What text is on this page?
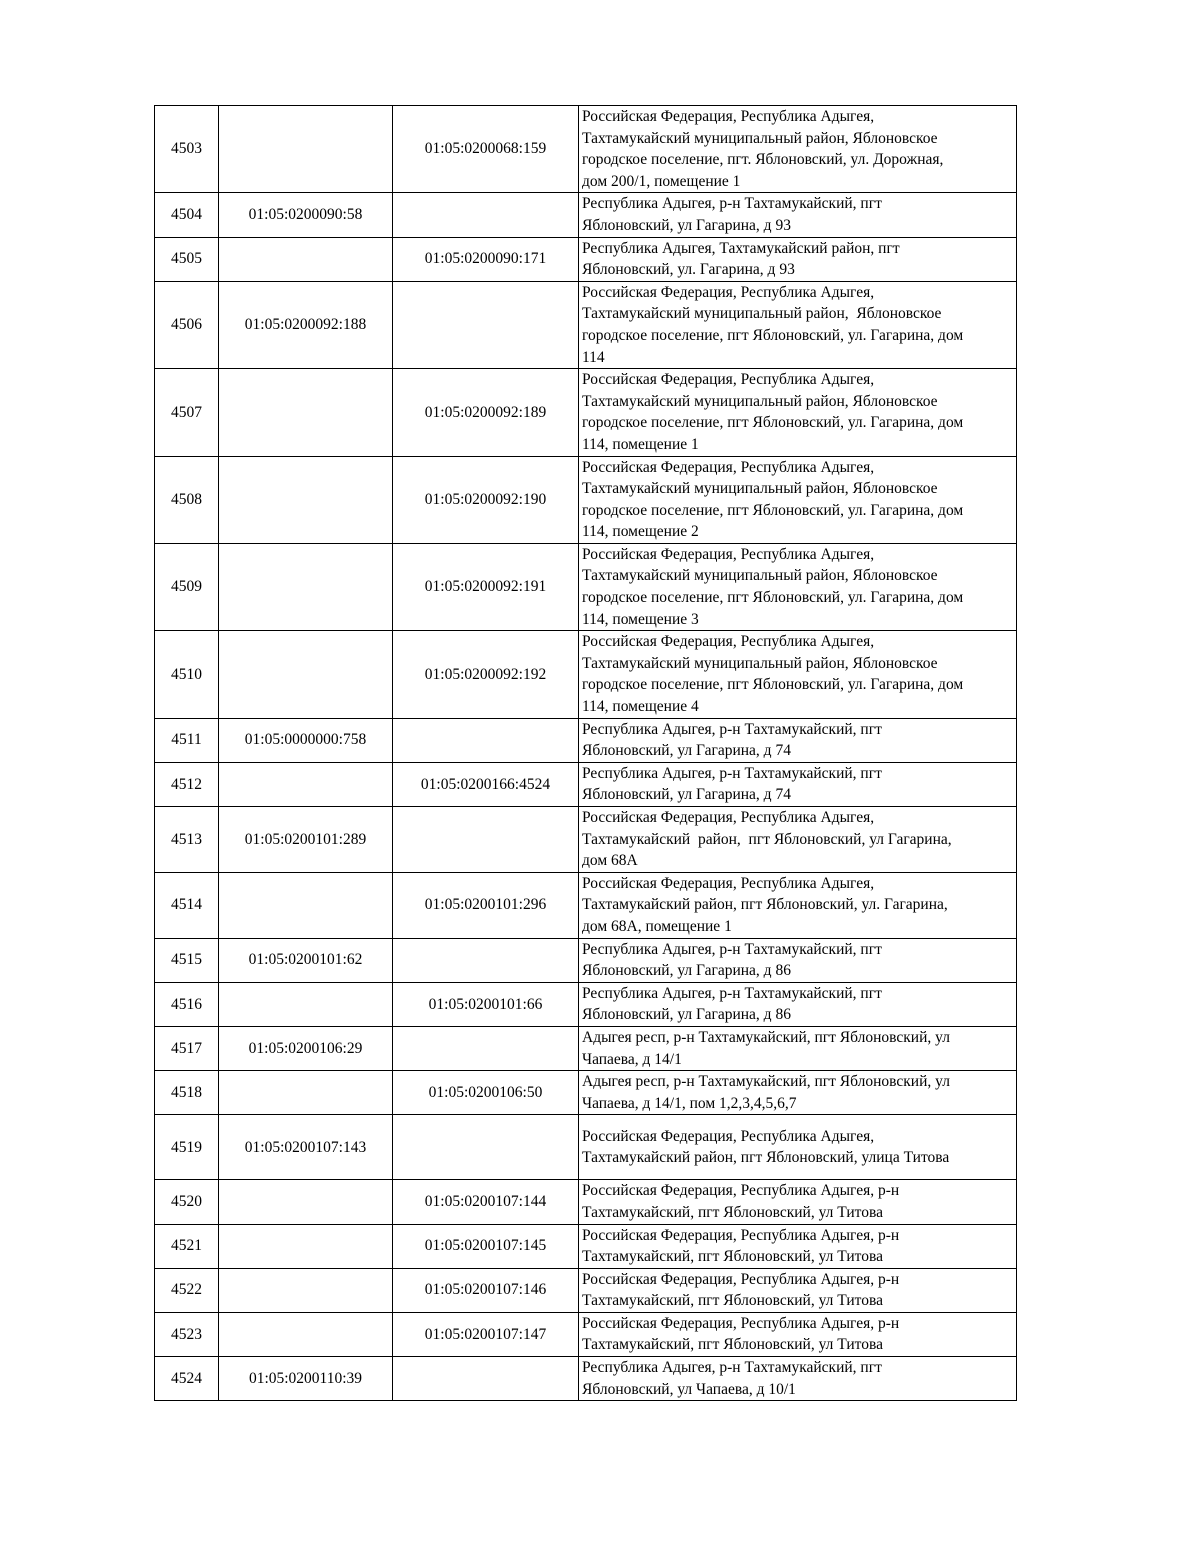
4503		01:05:0200068:159	Российская Федерация, Республика Адыгея,
Тахтамукайский муниципальный район, Яблоновское
городское поселение, пгт. Яблоновский, ул. Дорожная,
дом 200/1, помещение 1

4504	01:05:0200090:58		Республика Адыгея, р-н Тахтамукайский, пгт
Яблоновский, ул Гагарина, д 93

4505		01:05:0200090:171	Республика Адыгея, Тахтамукайский район, пгт
Яблоновский, ул. Гагарина, д 93

4506	01:05:0200092:188		Российская Федерация, Республика Адыгея,
Тахтамукайский муниципальный район,  Яблоновское
городское поселение, пгт Яблоновский, ул. Гагарина, дом
114

4507		01:05:0200092:189	Российская Федерация, Республика Адыгея,
Тахтамукайский муниципальный район, Яблоновское
городское поселение, пгт Яблоновский, ул. Гагарина, дом
114, помещение 1

4508		01:05:0200092:190	Российская Федерация, Республика Адыгея,
Тахтамукайский муниципальный район, Яблоновское
городское поселение, пгт Яблоновский, ул. Гагарина, дом
114, помещение 2

4509		01:05:0200092:191	Российская Федерация, Республика Адыгея,
Тахтамукайский муниципальный район, Яблоновское
городское поселение, пгт Яблоновский, ул. Гагарина, дом
114, помещение 3

4510		01:05:0200092:192	Российская Федерация, Республика Адыгея,
Тахтамукайский муниципальный район, Яблоновское
городское поселение, пгт Яблоновский, ул. Гагарина, дом
114, помещение 4

4511	01:05:0000000:758		Республика Адыгея, р-н Тахтамукайский, пгт
Яблоновский, ул Гагарина, д 74

4512		01:05:0200166:4524	Республика Адыгея, р-н Тахтамукайский, пгт
Яблоновский, ул Гагарина, д 74

4513	01:05:0200101:289		Российская Федерация, Республика Адыгея,
Тахтамукайский  район,  пгт Яблоновский, ул Гагарина,
дом 68А

4514		01:05:0200101:296	Российская Федерация, Республика Адыгея,
Тахтамукайский район, пгт Яблоновский, ул. Гагарина,
дом 68А, помещение 1

4515	01:05:0200101:62		Республика Адыгея, р-н Тахтамукайский, пгт
Яблоновский, ул Гагарина, д 86

4516		01:05:0200101:66	Республика Адыгея, р-н Тахтамукайский, пгт
Яблоновский, ул Гагарина, д 86

4517	01:05:0200106:29		Адыгея респ, р-н Тахтамукайский, пгт Яблоновский, ул
Чапаева, д 14/1

4518		01:05:0200106:50	Адыгея респ, р-н Тахтамукайский, пгт Яблоновский, ул
Чапаева, д 14/1, пом 1,2,3,4,5,6,7

4519	01:05:0200107:143		Российская Федерация, Республика Адыгея,
Тахтамукайский район, пгт Яблоновский, улица Титова

4520		01:05:0200107:144	Российская Федерация, Республика Адыгея, р-н
Тахтамукайский, пгт Яблоновский, ул Титова

4521		01:05:0200107:145	Российская Федерация, Республика Адыгея, р-н
Тахтамукайский, пгт Яблоновский, ул Титова

4522		01:05:0200107:146	Российская Федерация, Республика Адыгея, р-н
Тахтамукайский, пгт Яблоновский, ул Титова

4523		01:05:0200107:147	Российская Федерация, Республика Адыгея, р-н
Тахтамукайский, пгт Яблоновский, ул Титова

4524	01:05:0200110:39		Республика Адыгея, р-н Тахтамукайский, пгт
Яблоновский, ул Чапаева, д 10/1
